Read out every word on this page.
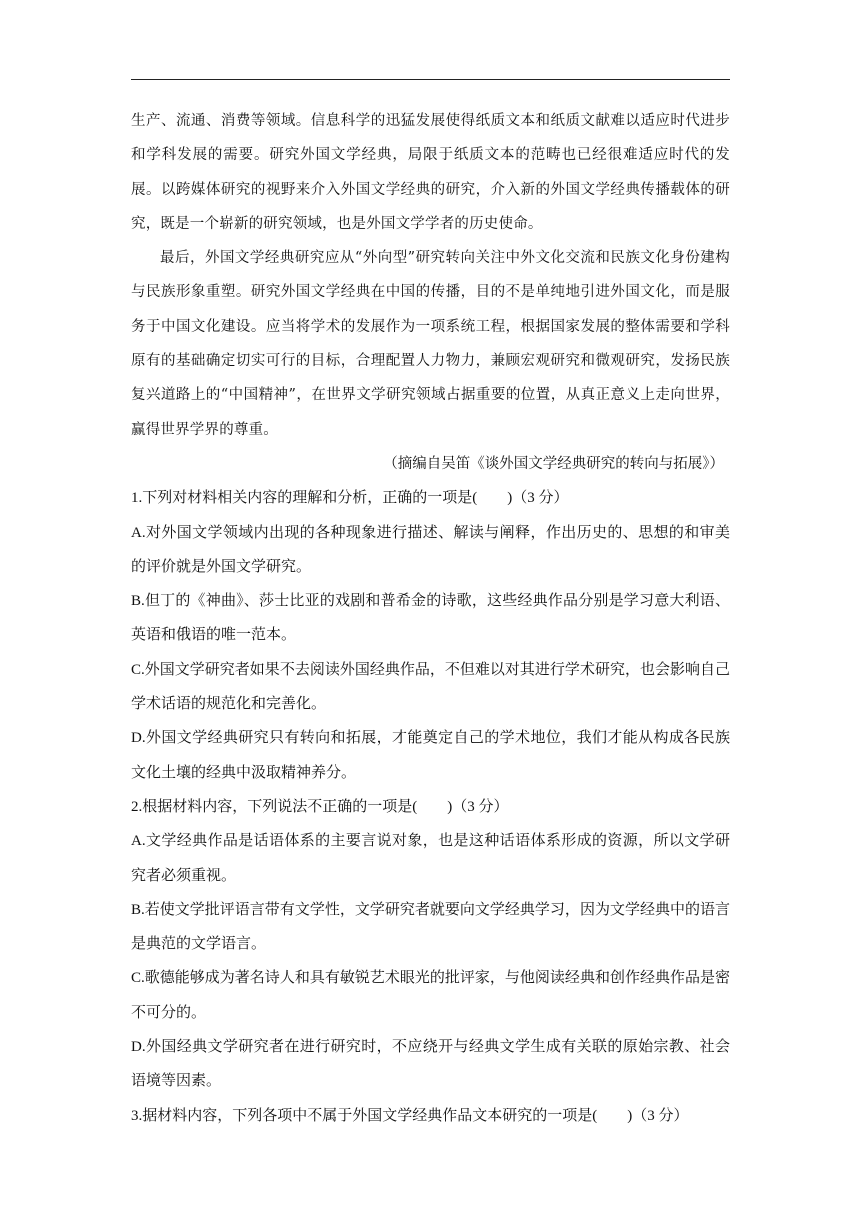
生产、流通、消费等领域。信息科学的迅猛发展使得纸质文本和纸质文献难以适应时代进步和学科发展的需要。研究外国文学经典，局限于纸质文本的范畴也已经很难适应时代的发展。以跨媒体研究的视野来介入外国文学经典的研究，介入新的外国文学经典传播载体的研究，既是一个崭新的研究领域，也是外国文学学者的历史使命。

最后，外国文学经典研究应从“外向型”研究转向关注中外文化交流和民族文化身份建构与民族形象重塑。研究外国文学经典在中国的传播，目的不是单纯地引进外国文化，而是服务于中国文化建设。应当将学术的发展作为一项系统工程，根据国家发展的整体需要和学科原有的基础确定切实可行的目标，合理配置人力物力，兼顾宏观研究和微观研究，发扬民族复兴道路上的“中国精神”，在世界文学研究领域占据重要的位置，从真正意义上走向世界，赢得世界学界的尊重。

（摘编自吴笛《谈外国文学经典研究的转向与拓展》）

1.下列对材料相关内容的理解和分析，正确的一项是(　　)（3 分）

A.对外国文学领域内出现的各种现象进行描述、解读与阐释，作出历史的、思想的和审美的评价就是外国文学研究。

B.但丁的《神曲》、莎士比亚的戏剧和普希金的诗歌，这些经典作品分别是学习意大利语、英语和俄语的唯一范本。

C.外国文学研究者如果不去阅读外国经典作品，不但难以对其进行学术研究，也会影响自己学术话语的规范化和完善化。

D.外国文学经典研究只有转向和拓展，才能奠定自己的学术地位，我们才能从构成各民族文化土壤的经典中汲取精神养分。

2.根据材料内容，下列说法不正确的一项是(　　)（3 分）

A.文学经典作品是话语体系的主要言说对象，也是这种话语体系形成的资源，所以文学研究者必须重视。

B.若使文学批评语言带有文学性，文学研究者就要向文学经典学习，因为文学经典中的语言是典范的文学语言。

C.歌德能够成为著名诗人和具有敏锐艺术眼光的批评家，与他阅读经典和创作经典作品是密不可分的。

D.外国经典文学研究者在进行研究时，不应绕开与经典文学生成有关联的原始宗教、社会语境等因素。

3.据材料内容，下列各项中不属于外国文学经典作品文本研究的一项是(　　)（3 分）
